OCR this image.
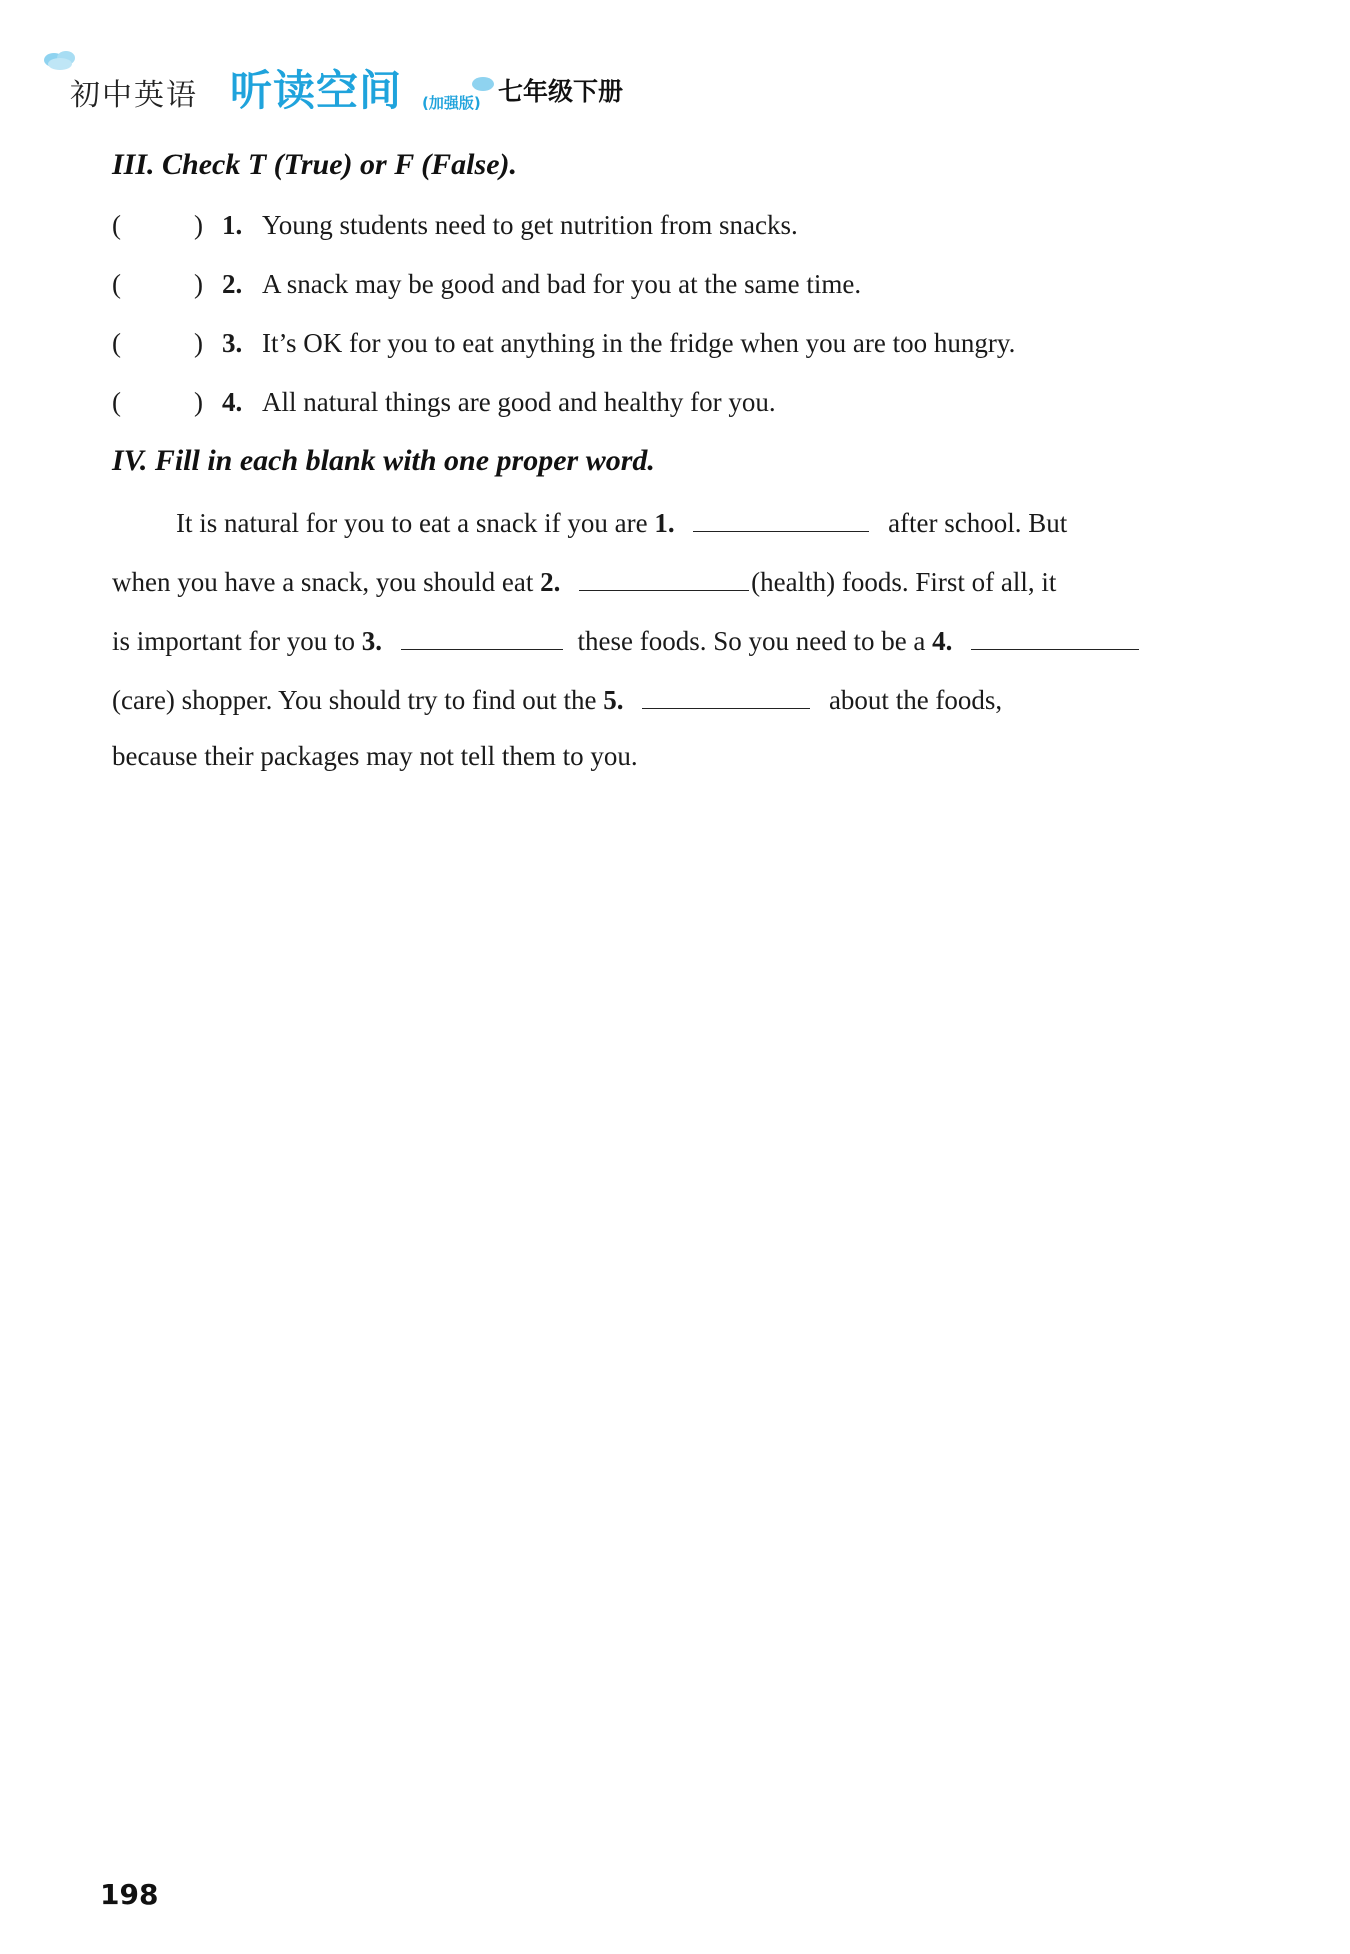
初中英语 听读空间 (加强版) 七年级下册
III. Check T (True) or F (False).
(	) 1. Young students need to get nutrition from snacks.
(	) 2. A snack may be good and bad for you at the same time.
(	) 3. It’s OK for you to eat anything in the fridge when you are too hungry.
(	) 4. All natural things are good and healthy for you.
IV. Fill in each blank with one proper word.
It is natural for you to eat a snack if you are 1.	after school. But
when you have a snack, you should eat 2.	(health) foods. First of all, it
is important for you to 3.	these foods. So you need to be a 4.
(care) shopper. You should try to find out the 5.	about the foods,
because their packages may not tell them to you.
198
